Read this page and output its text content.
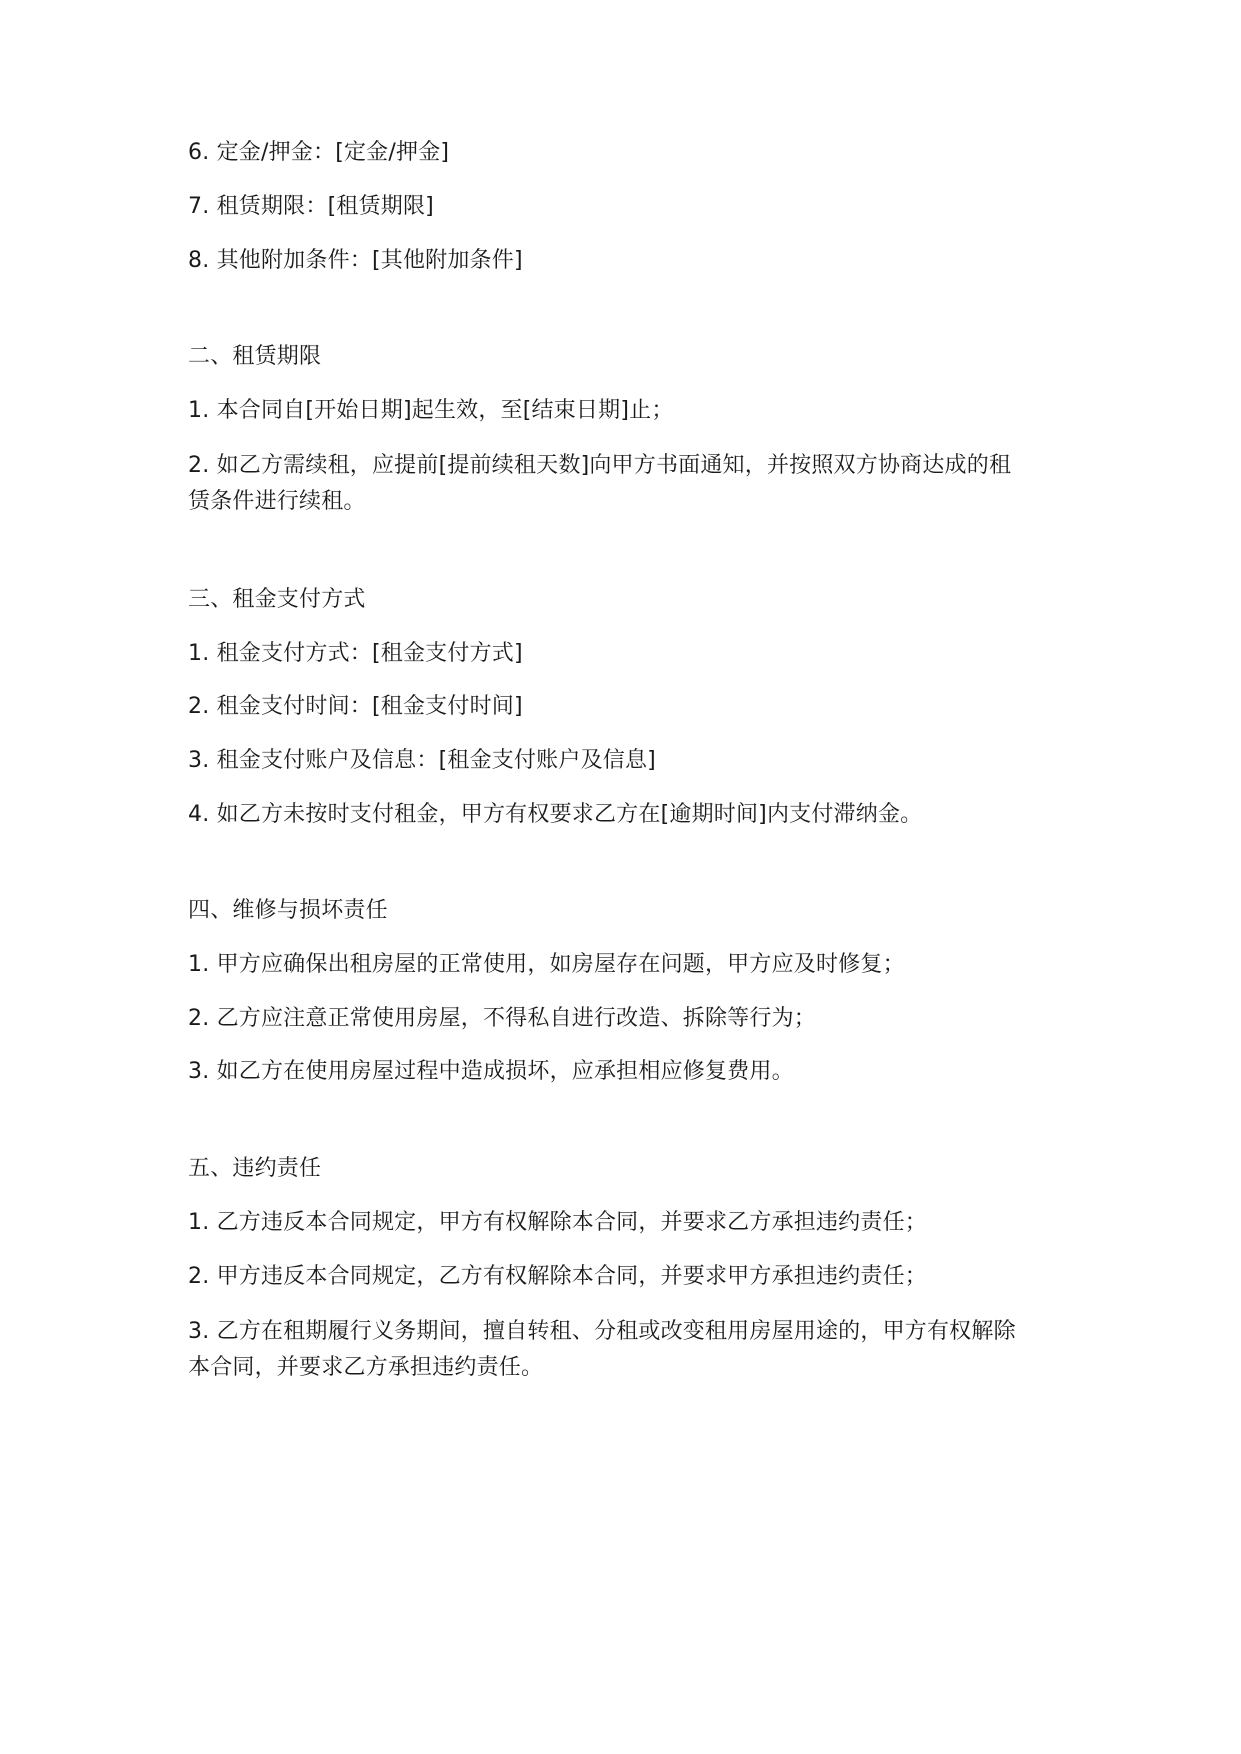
6. 定金/押金：[定金/押金]
7. 租赁期限：[租赁期限]
8. 其他附加条件：[其他附加条件]
二、租赁期限
1. 本合同自[开始日期]起生效，至[结束日期]止；
2. 如乙方需续租，应提前[提前续租天数]向甲方书面通知，并按照双方协商达成的租
赁条件进行续租。
三、租金支付方式
1. 租金支付方式：[租金支付方式]
2. 租金支付时间：[租金支付时间]
3. 租金支付账户及信息：[租金支付账户及信息]
4. 如乙方未按时支付租金，甲方有权要求乙方在[逾期时间]内支付滞纳金。
四、维修与损坏责任
1. 甲方应确保出租房屋的正常使用，如房屋存在问题，甲方应及时修复；
2. 乙方应注意正常使用房屋，不得私自进行改造、拆除等行为；
3. 如乙方在使用房屋过程中造成损坏，应承担相应修复费用。
五、违约责任
1. 乙方违反本合同规定，甲方有权解除本合同，并要求乙方承担违约责任；
2. 甲方违反本合同规定，乙方有权解除本合同，并要求甲方承担违约责任；
3. 乙方在租期履行义务期间，擅自转租、分租或改变租用房屋用途的，甲方有权解除
本合同，并要求乙方承担违约责任。
